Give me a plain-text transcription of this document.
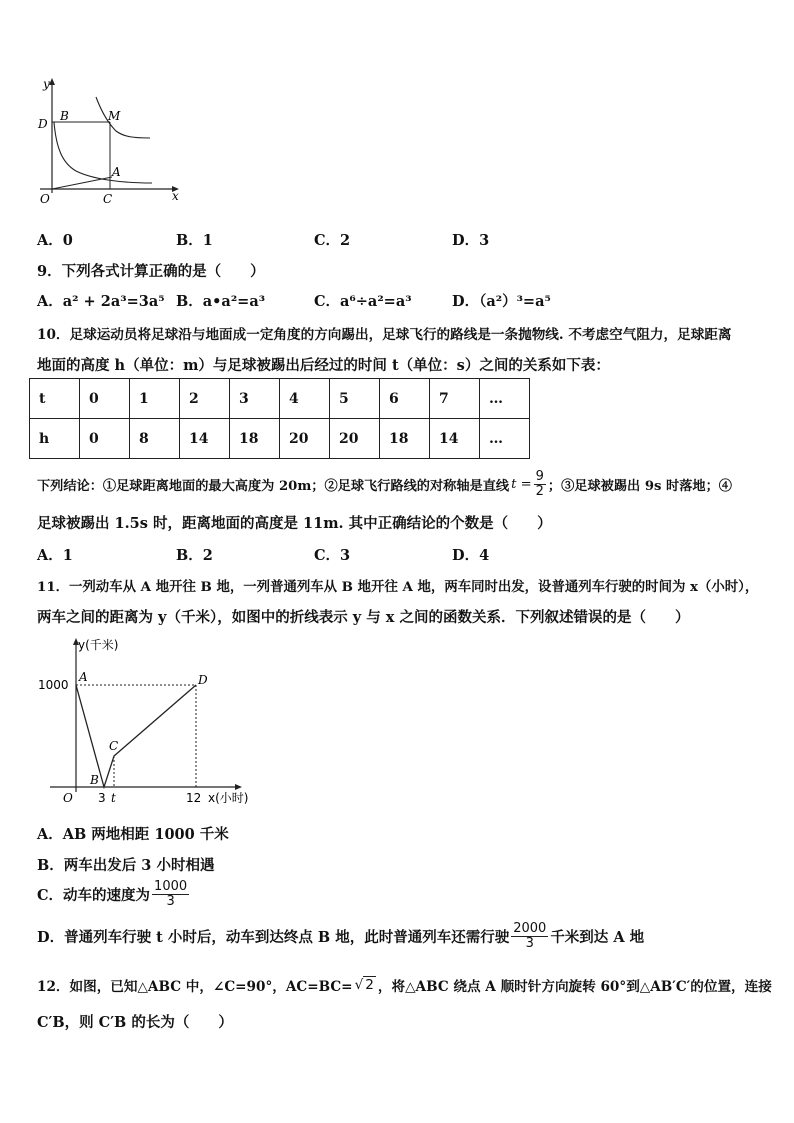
y
x
O
D
B	M
A
C
A．0	B．1	C．2	D．3
9．下列各式计算正确的是（　　）
A．a² + 2a³=3a⁵ B．a•a²=a³	C．a⁶÷a²=a³	D．（a²）³=a⁵
10．足球运动员将足球沿与地面成一定角度的方向踢出，足球飞行的路线是一条抛物线. 不考虑空气阻力，足球距离
地面的高度 h（单位：m）与足球被踢出后经过的时间 t（单位：s）之间的关系如下表：
t	0	1	2	3	4	5	6	7	…
h	0	8	14	18	20	20	18	14	…
下列结论：①足球距离地面的最大高度为 20m；②足球飞行路线的对称轴是直线 $t = \frac{9}{2}$ ；③足球被踢出 9s 时落地；④
足球被踢出 1.5s 时，距离地面的高度是 11m. 其中正确结论的个数是（　　）
A．1	B．2	C．3	D．4
11．一列动车从 A 地开往 B 地，一列普通列车从 B 地开往 A 地，两车同时出发，设普通列车行驶的时间为 x（小时），
两车之间的距离为 y（千米），如图中的折线表示 y 与 x 之间的函数关系．下列叙述错误的是（　　）
y(千米)
x(小时)
1000
3 t	12
O
A
B
C
D
A．AB 两地相距 1000 千米
B．两车出发后 3 小时相遇
C．动车的速度为 $\frac{1000}{3}$
D．普通列车行驶 t 小时后，动车到达终点 B 地，此时普通列车还需行驶 $\frac{2000}{3}$ 千米到达 A 地
12．如图，已知△ABC 中，∠C=90°，AC=BC= √ 2 ，将△ABC 绕点 A 顺时针方向旋转 60°到△AB′C′的位置，连接
C′B，则 C′B 的长为（　　）
